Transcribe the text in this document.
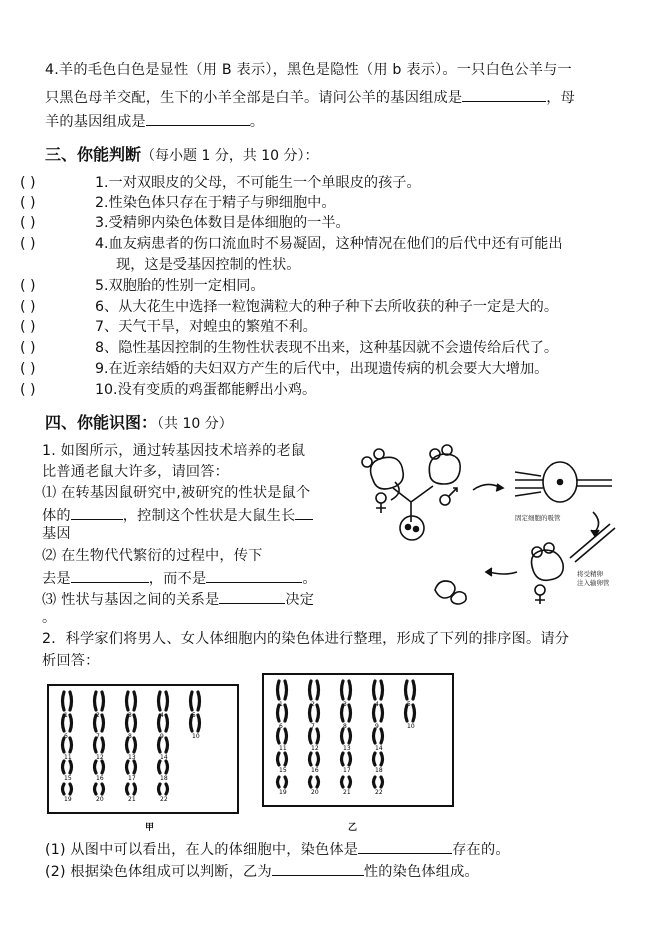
4.羊的毛色白色是显性（用 B 表示），黑色是隐性（用 b 表示）。一只白色公羊与一
只黑色母羊交配，生下的小羊全部是白羊。请问公羊的基因组成是	，母
羊的基因组成是	。
三、你能判断（每小题 1 分，共 10 分）：
( )	1.一对双眼皮的父母，不可能生一个单眼皮的孩子。
( )	2.性染色体只存在于精子与卵细胞中。
( )	3.受精卵内染色体数目是体细胞的一半。
( )	4.血友病患者的伤口流血时不易凝固，这种情况在他们的后代中还有可能出
现，这是受基因控制的性状。
( )	5.双胞胎的性别一定相同。
( )	6、从大花生中选择一粒饱满粒大的种子种下去所收获的种子一定是大的。
( )	7、天气干旱，对蝗虫的繁殖不利。
( )	8、隐性基因控制的生物性状表现不出来，这种基因就不会遗传给后代了。
( )	9.在近亲结婚的夫妇双方产生的后代中，出现遗传病的机会要大大增加。
( )	10.没有变质的鸡蛋都能孵出小鸡。
四、你能识图：（共 10 分）
1. 如图所示，通过转基因技术培养的老鼠
比普通老鼠大许多，请回答：
⑴ 在转基因鼠研究中,被研究的性状是鼠个
体的	，控制这个性状是大鼠生长
基因
⑵ 在生物代代繁衍的过程中，传下
去是	，而不是	。
⑶ 性状与基因之间的关系是	决定
。
固定细胞的吸管
将受精卵
注入输卵管
2．科学家们将男人、女人体细胞内的染色体进行整理，形成了下列的排序图。请分
析回答：
1	2	3	4	5
6	7	8	9	10
11	12	13	14
15	16	17	18
19	20	21	22
甲
1	2	3	4	5
6	7	8	9	10
11	12	13	14
15	16	17	18
19	20	21	22
乙
(1) 从图中可以看出，在人的体细胞中，染色体是	存在的。
(2) 根据染色体组成可以判断，乙为	性的染色体组成。
